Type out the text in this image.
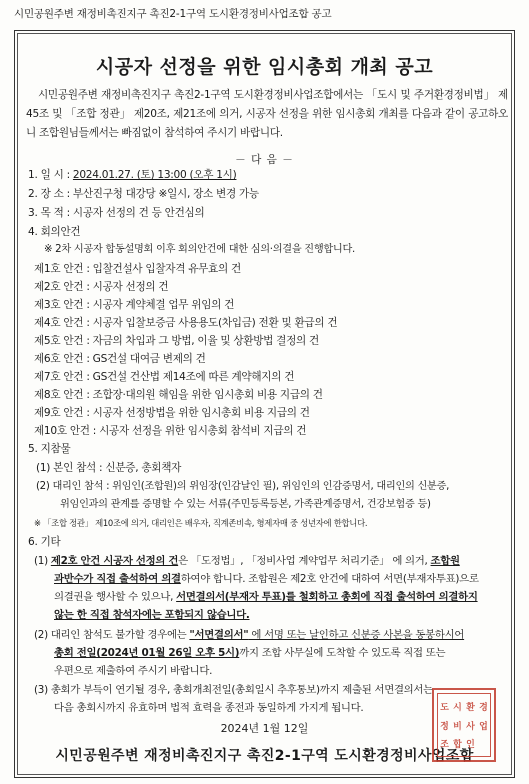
시민공원주변 재정비촉진지구 촉진2-1구역 도시환경정비사업조합 공고
시공자 선정을 위한 임시총회 개최 공고
시민공원주변 재정비촉진지구 촉진2-1구역 도시환경정비사업조합에서는 「도시 및 주거환경정비법」 제45조 및 「조합 정관」 제20조, 제21조에 의거, 시공자 선정을 위한 임시총회 개최를 다음과 같이 공고하오니 조합원님들께서는 빠짐없이 참석하여 주시기 바랍니다.
－ 다 음 －
1. 일 시 : 2024.01.27. (토) 13:00 (오후 1시)
2. 장 소 : 부산진구청 대강당 ※일시, 장소 변경 가능
3. 목 적 : 시공자 선정의 건 등 안건심의
4. 회의안건
※ 2차 시공자 합동설명회 이후 회의안건에 대한 심의·의결을 진행합니다.
제1호 안건 : 입찰건설사 입찰자격 유무효의 건
제2호 안건 : 시공자 선정의 건
제3호 안건 : 시공자 계약체결 업무 위임의 건
제4호 안건 : 시공자 입찰보증금 사용용도(차입금) 전환 및 환급의 건
제5호 안건 : 자금의 차입과 그 방법, 이율 및 상환방법 결정의 건
제6호 안건 : GS건설 대여금 변제의 건
제7호 안건 : GS건설 건산법 제14조에 따른 계약해지의 건
제8호 안건 : 조합장·대의원 해임을 위한 임시총회 비용 지급의 건
제9호 안건 : 시공자 선정방법을 위한 임시총회 비용 지급의 건
제10호 안건 : 시공자 선정을 위한 임시총회 참석비 지급의 건
5. 지참물
(1) 본인 참석 : 신분증, 총회책자
(2) 대리인 참석 : 위임인(조합원)의 위임장(인감날인 필), 위임인의 인감증명서, 대리인의 신분증,
위임인과의 관계를 증명할 수 있는 서류(주민등록등본, 가족관계증명서, 건강보험증 등)
※ 「조합 정관」 제10조에 의거, 대리인은 배우자, 직계존비속, 형제자매 중 성년자에 한합니다.
6. 기타
(1) 제2호 안건 시공자 선정의 건은 「도정법」, 「정비사업 계약업무 처리기준」 에 의거, 조합원
과반수가 직접 출석하여 의결하여야 합니다. 조합원은 제2호 안건에 대하여 서면(부재자투표)으로
의결권을 행사할 수 있으나, 서면결의서(부재자 투표)를 철회하고 총회에 직접 출석하여 의결하지
않는 한 직접 참석자에는 포함되지 않습니다.
(2) 대리인 참석도 불가할 경우에는 "서면결의서" 에 서명 또는 날인하고 신분증 사본을 동봉하시어
총회 전일(2024년 01월 26일 오후 5시)까지 조합 사무실에 도착할 수 있도록 직접 또는
우편으로 제출하여 주시기 바랍니다.
(3) 총회가 부득이 연기될 경우, 총회개최전일(총회일시 추후통보)까지 제출된 서면결의서는
다음 총회시까지 유효하며 법적 효력을 종전과 동일하게 가지게 됩니다.
2024년 1월 12일
시민공원주변 재정비촉진지구 촉진2-1구역 도시환경정비사업조합
도 시 환 경
정 비 사 업
조 합 인
